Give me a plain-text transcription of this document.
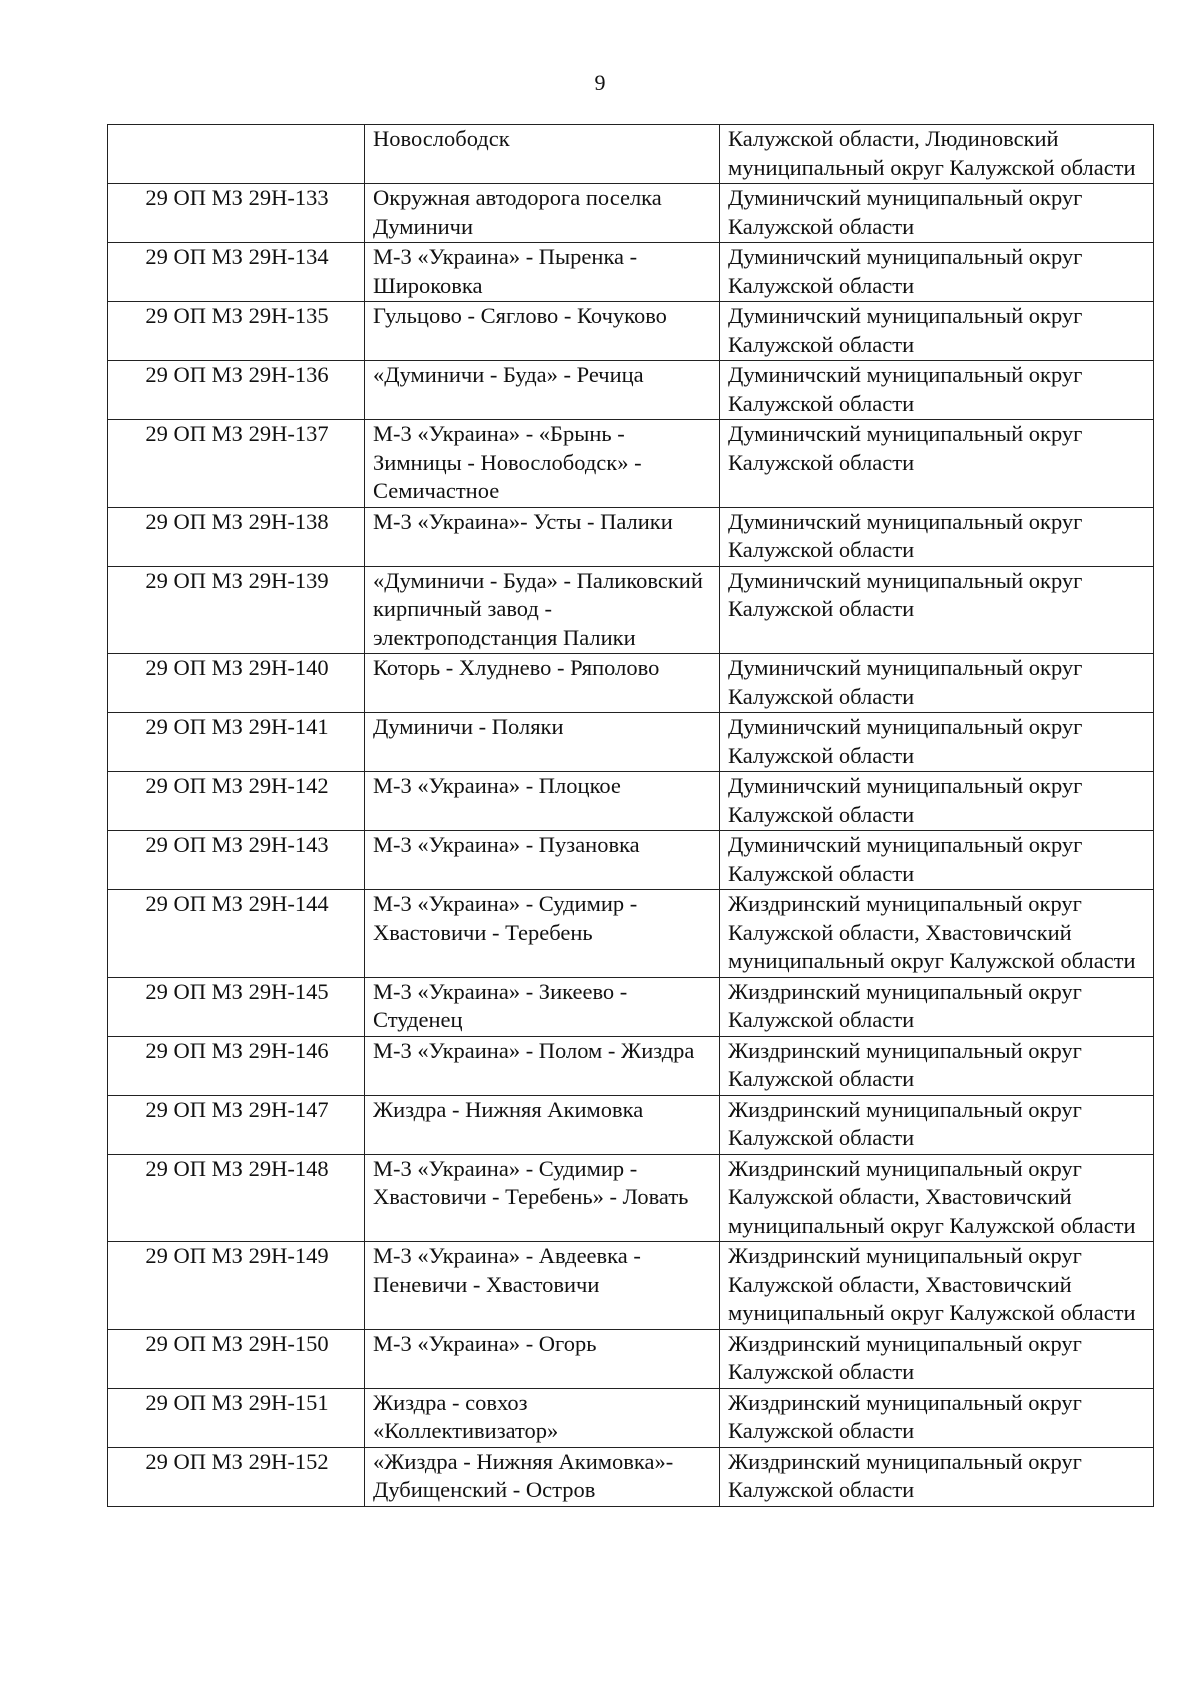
9
	Новослободск	Калужской области, Людиновский муниципальный округ Калужской области
29 ОП МЗ 29Н-133	Окружная автодорога поселка Думиничи	Думиничский муниципальный округ Калужской области
29 ОП МЗ 29Н-134	М-3 «Украина» - Пыренка - Широковка	Думиничский муниципальный округ Калужской области
29 ОП МЗ 29Н-135	Гульцово - Сяглово - Кочуково	Думиничский муниципальный округ Калужской области
29 ОП МЗ 29Н-136	«Думиничи - Буда» - Речица	Думиничский муниципальный округ Калужской области
29 ОП МЗ 29Н-137	М-3 «Украина» - «Брынь - Зимницы - Новослободск» - Семичастное	Думиничский муниципальный округ Калужской области
29 ОП МЗ 29Н-138	М-3 «Украина»- Усты - Палики	Думиничский муниципальный округ Калужской области
29 ОП МЗ 29Н-139	«Думиничи - Буда» - Паликовский кирпичный завод - электроподстанция Палики	Думиничский муниципальный округ Калужской области
29 ОП МЗ 29Н-140	Которь - Хлуднево - Ряполово	Думиничский муниципальный округ Калужской области
29 ОП МЗ 29Н-141	Думиничи - Поляки	Думиничский муниципальный округ Калужской области
29 ОП МЗ 29Н-142	М-3 «Украина» - Плоцкое	Думиничский муниципальный округ Калужской области
29 ОП МЗ 29Н-143	М-3 «Украина» - Пузановка	Думиничский муниципальный округ Калужской области
29 ОП МЗ 29Н-144	М-3 «Украина» - Судимир - Хвастовичи - Теребень	Жиздринский муниципальный округ Калужской области, Хвастовичский муниципальный округ Калужской области
29 ОП МЗ 29Н-145	М-3 «Украина» - Зикеево - Студенец	Жиздринский муниципальный округ Калужской области
29 ОП МЗ 29Н-146	М-3 «Украина» - Полом - Жиздра	Жиздринский муниципальный округ Калужской области
29 ОП МЗ 29Н-147	Жиздра - Нижняя Акимовка	Жиздринский муниципальный округ Калужской области
29 ОП МЗ 29Н-148	М-3 «Украина» - Судимир - Хвастовичи - Теребень» - Ловать	Жиздринский муниципальный округ Калужской области, Хвастовичский муниципальный округ Калужской области
29 ОП МЗ 29Н-149	М-3 «Украина» - Авдеевка - Пеневичи - Хвастовичи	Жиздринский муниципальный округ Калужской области, Хвастовичский муниципальный округ Калужской области
29 ОП МЗ 29Н-150	М-3 «Украина» - Огорь	Жиздринский муниципальный округ Калужской области
29 ОП МЗ 29Н-151	Жиздра - совхоз «Коллективизатор»	Жиздринский муниципальный округ Калужской области
29 ОП МЗ 29Н-152	«Жиздра - Нижняя Акимовка»- Дубищенский - Остров	Жиздринский муниципальный округ Калужской области
